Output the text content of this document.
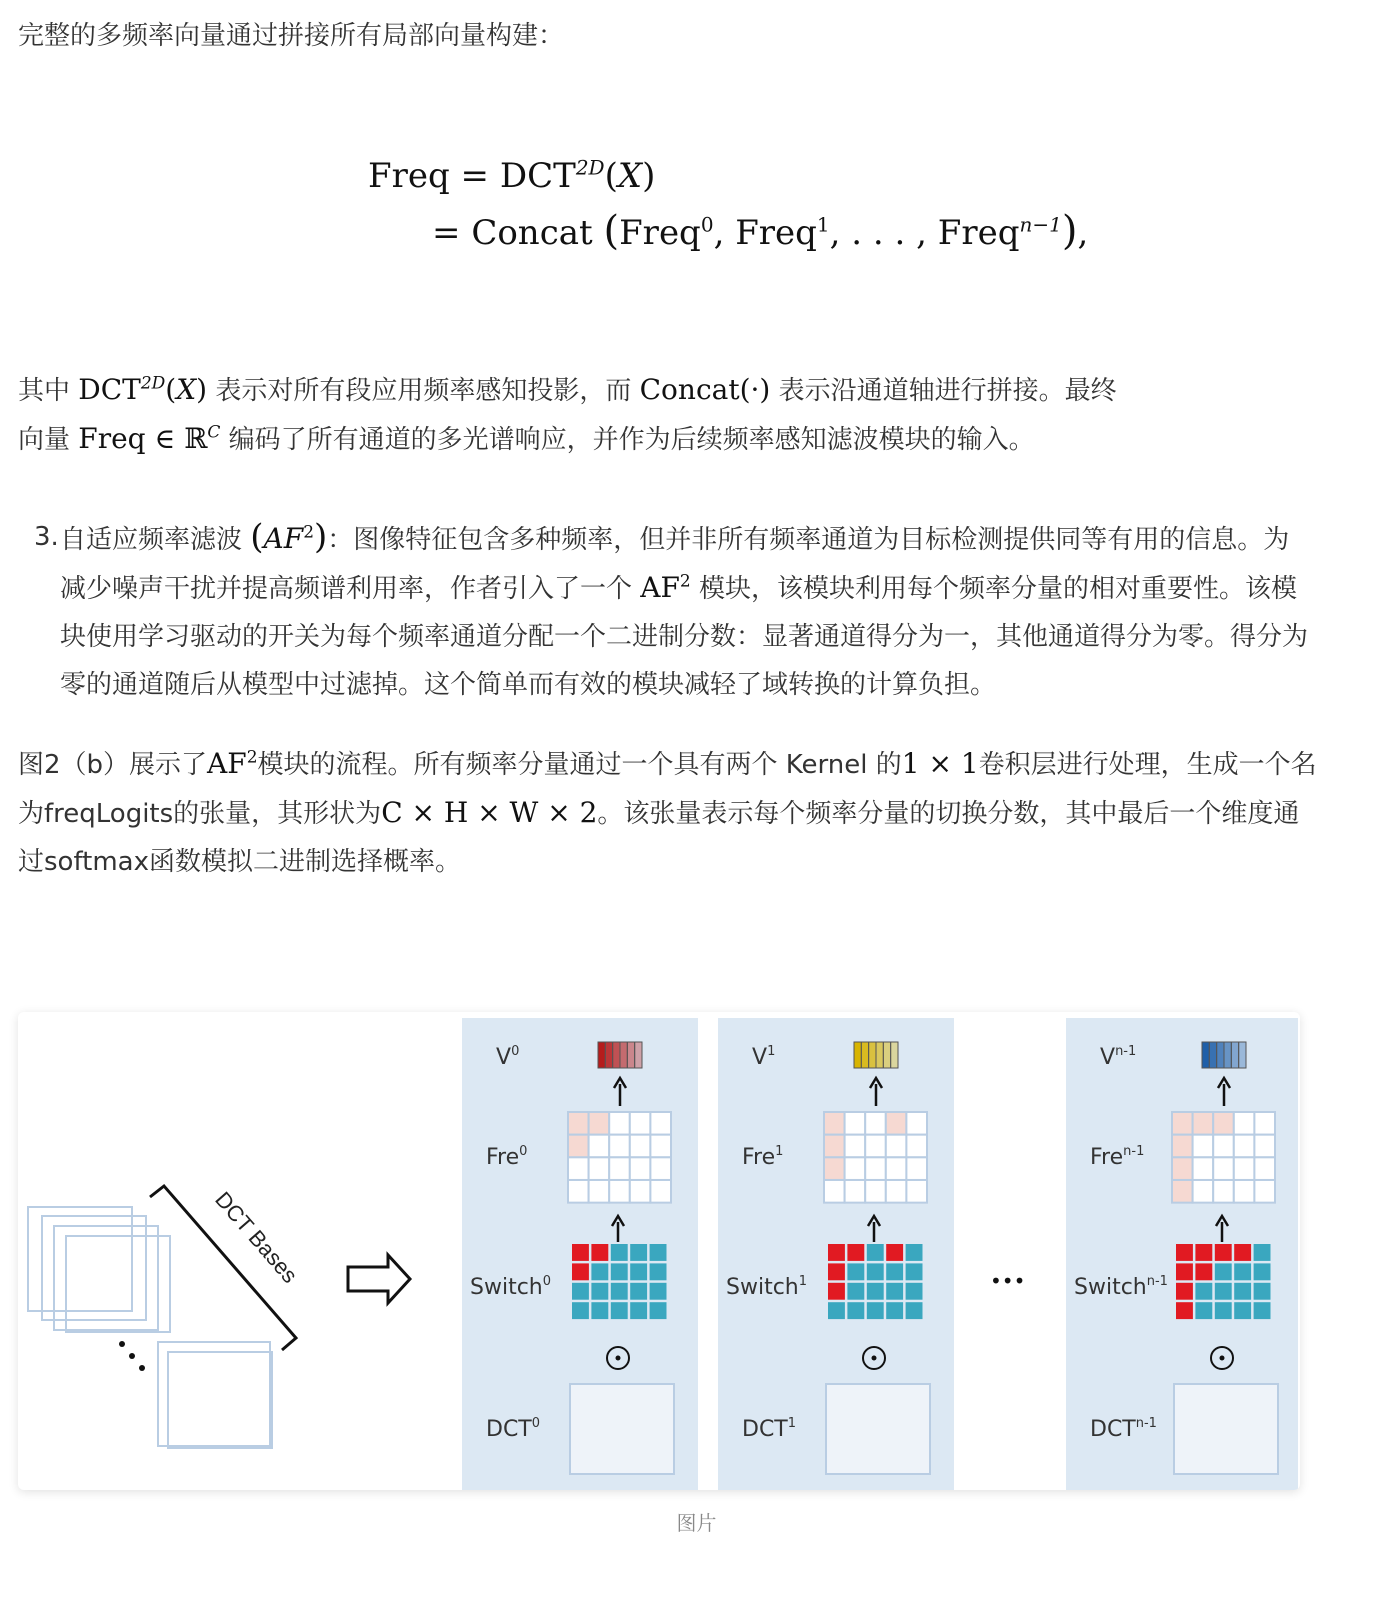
完整的多频率向量通过拼接所有局部向量构建：

Freq = $DCT^{2D}(X)$
= Concat (Freq$^0$, Freq$^1$, . . . , Freq$^{n-1}$),
其中 $DCT^{2D}(X)$ 表示对所有段应用频率感知投影，而 Concat(·) 表示沿通道轴进行拼接。最终
向量 Freq ∈ ℝ$^C$ 编码了所有通道的多光谱响应，并作为后续频率感知滤波模块的输入。
3. 自适应频率滤波 $(AF^2)$：图像特征包含多种频率，但并非所有频率通道为目标检测提供同等有用的信息。为减少噪声干扰并提高频谱利用率，作者引入了一个 $AF^2$ 模块，该模块利用每个频率分量的相对重要性。该模块使用学习驱动的开关为每个频率通道分配一个二进制分数：显著通道得分为一，其他通道得分为零。得分为零的通道随后从模型中过滤掉。这个简单而有效的模块减轻了域转换的计算负担。
图2（b）展示了$AF^2$模块的流程。所有频率分量通过一个具有两个 Kernel 的1 × 1卷积层进行处理，生成一个名为freqLogits的张量，其形状为C × H × W × 2。该张量表示每个频率分量的切换分数，其中最后一个维度通过softmax函数模拟二进制选择概率。
DCT Bases	•••
$V^0$
Fre$^0$
Switch$^0$
DCT$^0$
$V^1$
Fre$^1$
Switch$^1$
DCT$^1$
$V^{n-1}$
Fre$^{n-1}$
Switch$^{n-1}$
DCT$^{n-1}$
图片
